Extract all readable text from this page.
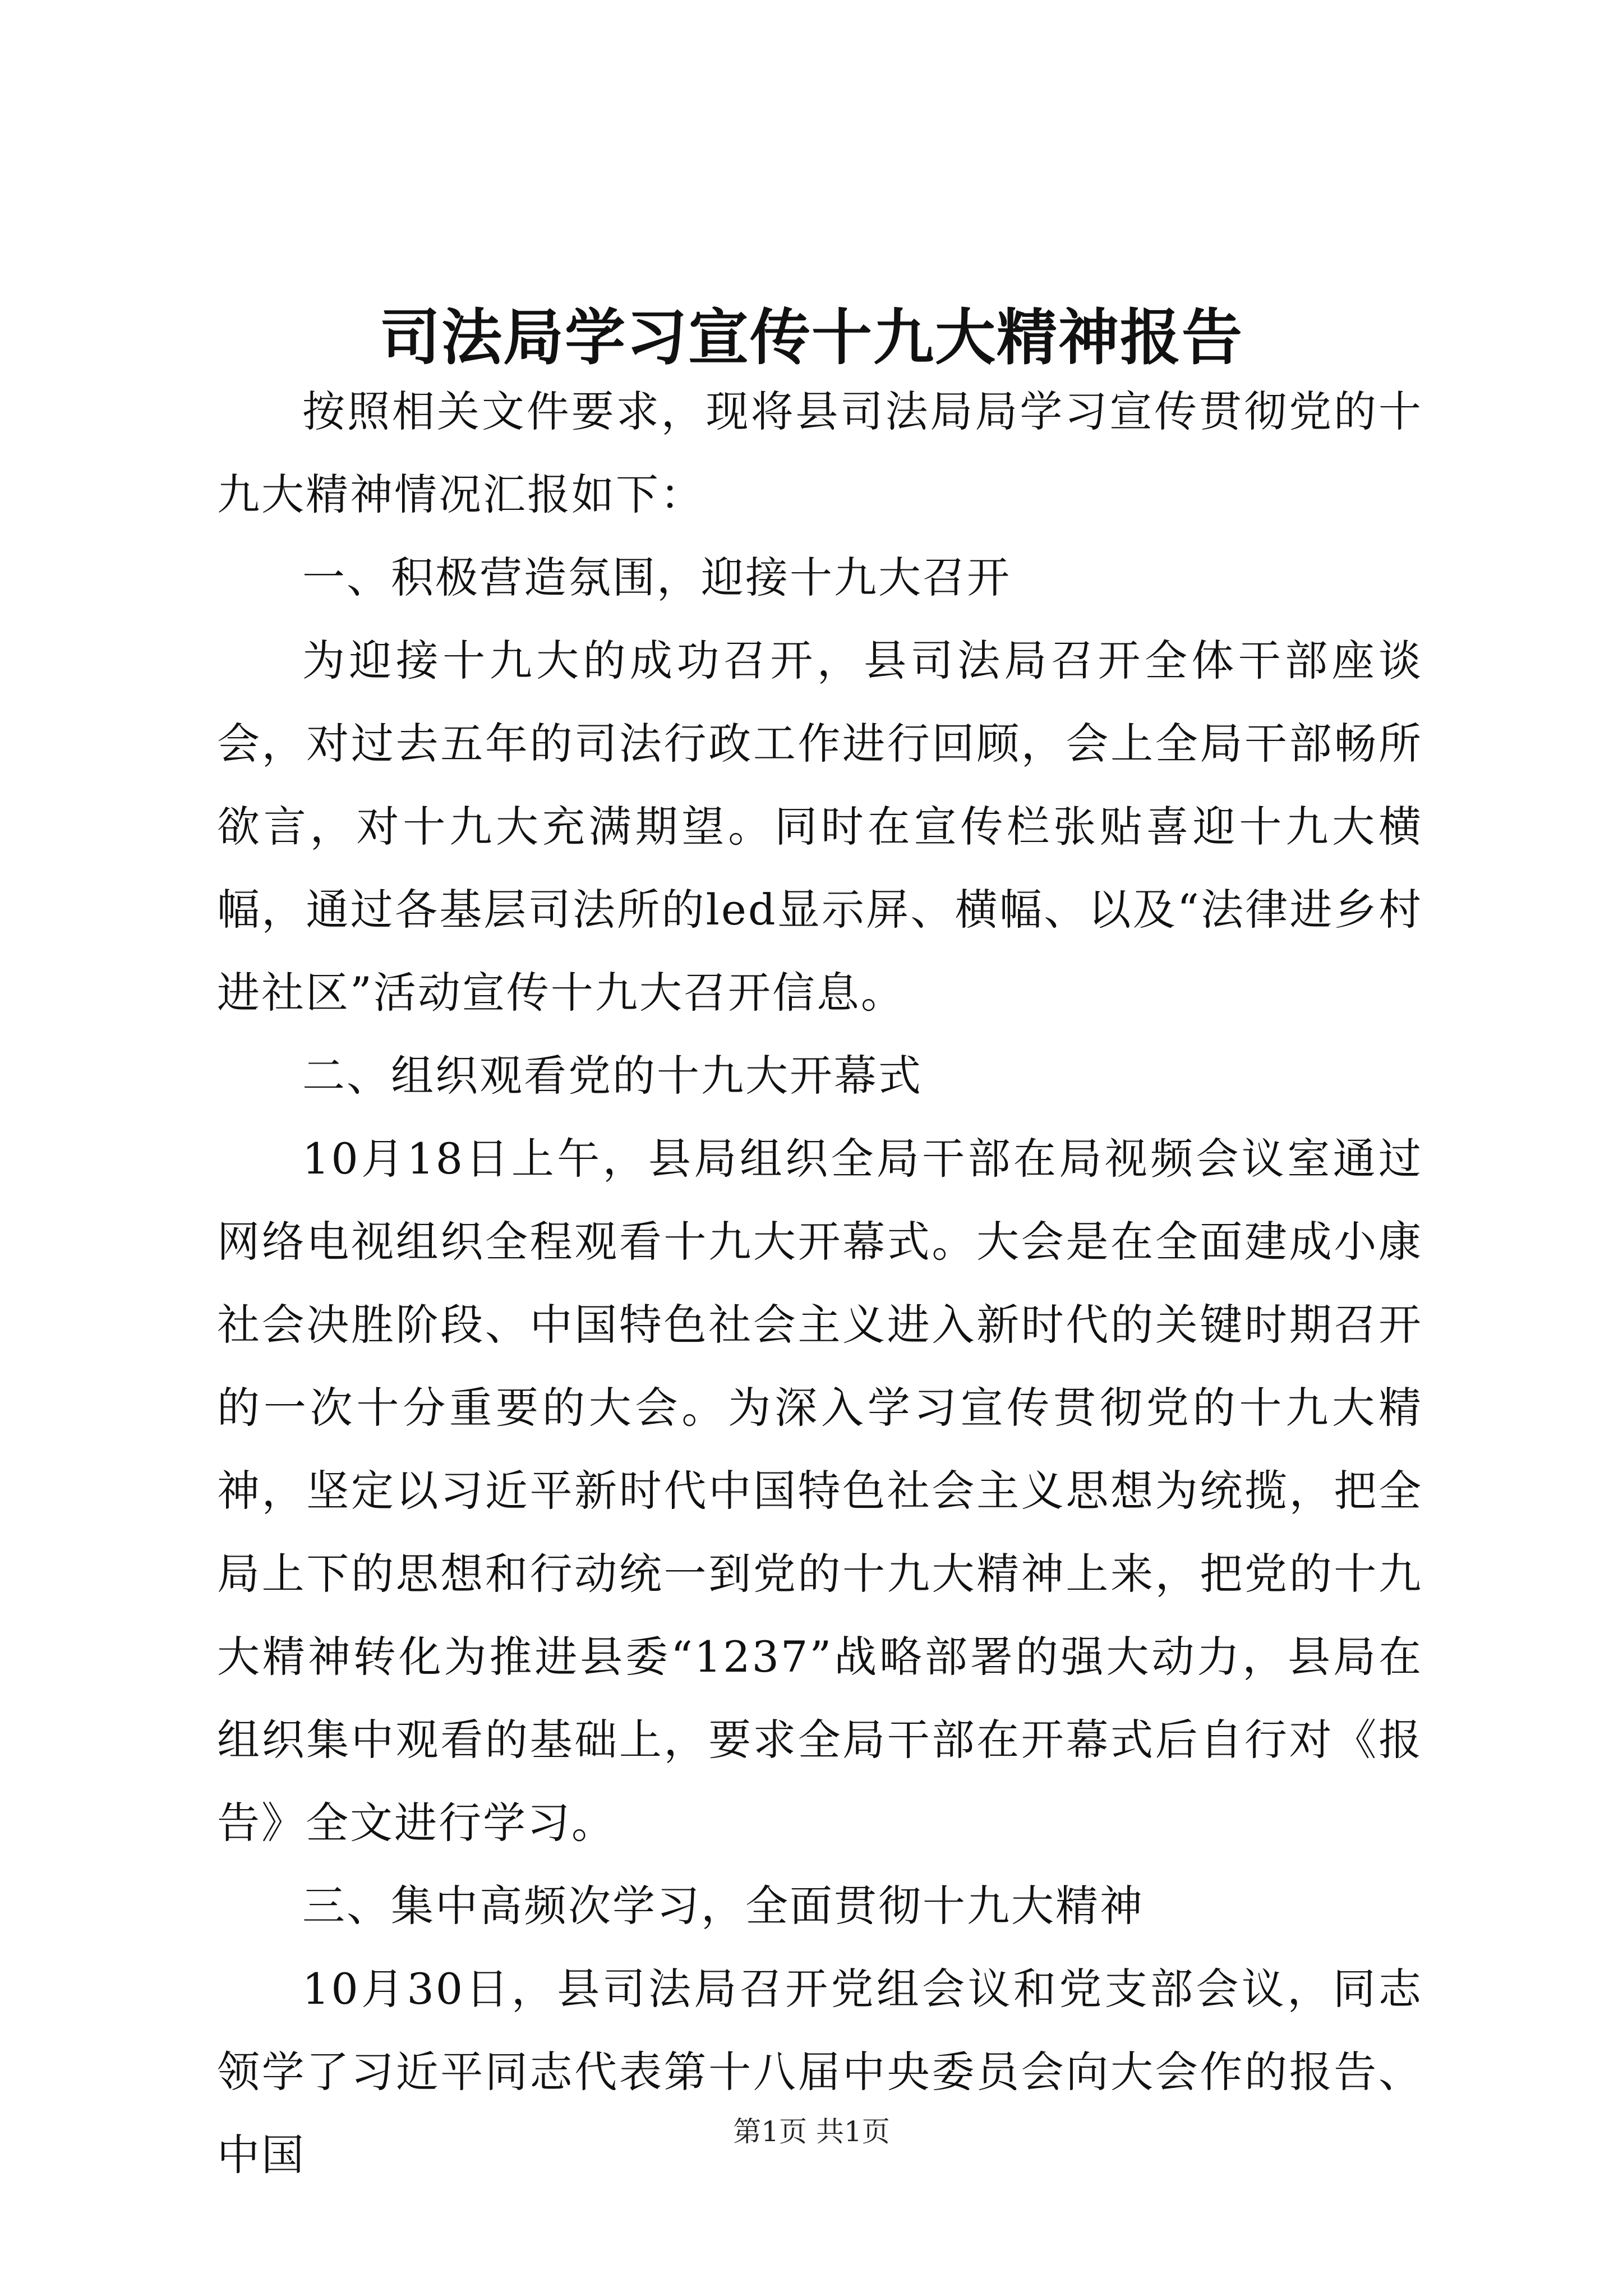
司法局学习宣传十九大精神报告

按照相关文件要求，现将县司法局局学习宣传贯彻党的十九大精神情况汇报如下：

一、积极营造氛围，迎接十九大召开

为迎接十九大的成功召开，县司法局召开全体干部座谈会，对过去五年的司法行政工作进行回顾，会上全局干部畅所欲言，对十九大充满期望。同时在宣传栏张贴喜迎十九大横幅，通过各基层司法所的led显示屏、横幅、以及“法律进乡村进社区”活动宣传十九大召开信息。

二、组织观看党的十九大开幕式

10月18日上午，县局组织全局干部在局视频会议室通过网络电视组织全程观看十九大开幕式。大会是在全面建成小康社会决胜阶段、中国特色社会主义进入新时代的关键时期召开的一次十分重要的大会。为深入学习宣传贯彻党的十九大精神，坚定以习近平新时代中国特色社会主义思想为统揽，把全局上下的思想和行动统一到党的十九大精神上来，把党的十九大精神转化为推进县委“1237”战略部署的强大动力，县局在组织集中观看的基础上，要求全局干部在开幕式后自行对《报告》全文进行学习。

三、集中高频次学习，全面贯彻十九大精神

10月30日，县司法局召开党组会议和党支部会议，同志领学了习近平同志代表第十八届中央委员会向大会作的报告、中国	第1页 共1页
